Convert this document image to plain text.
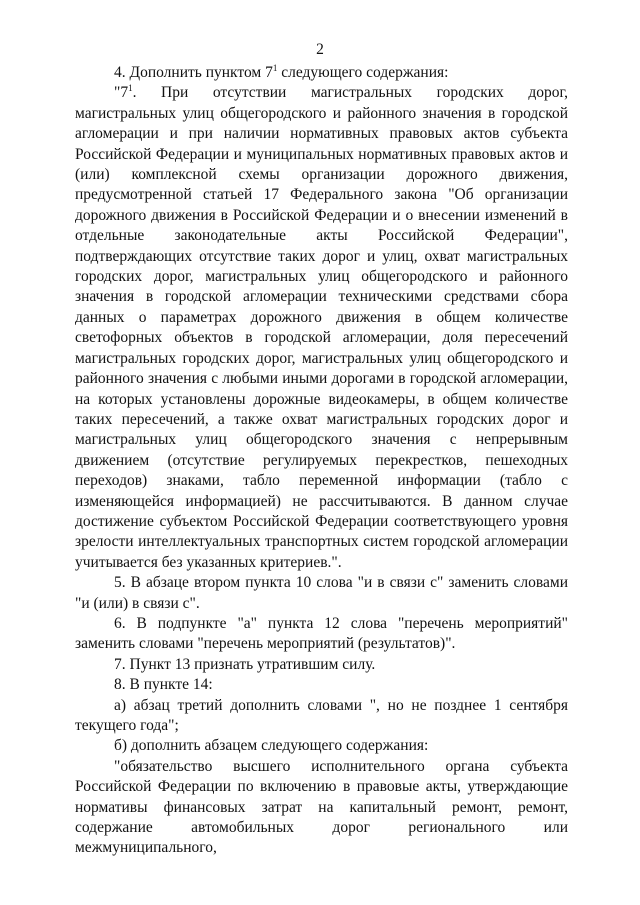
2

4. Дополнить пунктом $7^1$ следующего содержания:

"$7^1$. При отсутствии магистральных городских дорог, магистральных улиц общегородского и районного значения в городской агломерации и при наличии нормативных правовых актов субъекта Российской Федерации и муниципальных нормативных правовых актов и (или) комплексной схемы организации дорожного движения, предусмотренной статьей 17 Федерального закона "Об организации дорожного движения в Российской Федерации и о внесении изменений в отдельные законодательные акты Российской Федерации", подтверждающих отсутствие таких дорог и улиц, охват магистральных городских дорог, магистральных улиц общегородского и районного значения в городской агломерации техническими средствами сбора данных о параметрах дорожного движения в общем количестве светофорных объектов в городской агломерации, доля пересечений магистральных городских дорог, магистральных улиц общегородского и районного значения с любыми иными дорогами в городской агломерации, на которых установлены дорожные видеокамеры, в общем количестве таких пересечений, а также охват магистральных городских дорог и магистральных улиц общегородского значения с непрерывным движением (отсутствие регулируемых перекрестков, пешеходных переходов) знаками, табло переменной информации (табло с изменяющейся информацией) не рассчитываются. В данном случае достижение субъектом Российской Федерации соответствующего уровня зрелости интеллектуальных транспортных систем городской агломерации учитывается без указанных критериев.".

5. В абзаце втором пункта 10 слова "и в связи с" заменить словами "и (или) в связи с".

6. В подпункте "а" пункта 12 слова "перечень мероприятий" заменить словами "перечень мероприятий (результатов)".

7. Пункт 13 признать утратившим силу.

8. В пункте 14:

а) абзац третий дополнить словами ", но не позднее 1 сентября текущего года";

б) дополнить абзацем следующего содержания:

"обязательство высшего исполнительного органа субъекта Российской Федерации по включению в правовые акты, утверждающие нормативы финансовых затрат на капитальный ремонт, ремонт, содержание автомобильных дорог регионального или межмуниципального,
